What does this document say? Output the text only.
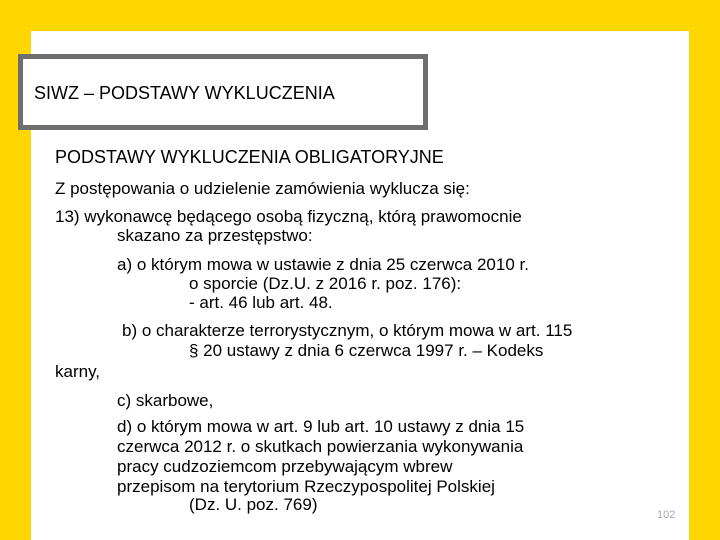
SIWZ – PODSTAWY WYKLUCZENIA
PODSTAWY WYKLUCZENIA OBLIGATORYJNE
Z postępowania o udzielenie zamówienia wyklucza się:
13) wykonawcę będącego osobą fizyczną, którą prawomocnie
skazano za przestępstwo:
a) o którym mowa w ustawie z dnia 25 czerwca 2010 r.
o sporcie (Dz.U. z 2016 r. poz. 176):
- art. 46 lub art. 48.
b) o charakterze terrorystycznym, o którym mowa w art. 115
§ 20 ustawy z dnia 6 czerwca 1997 r. – Kodeks
karny,
c) skarbowe,
d) o którym mowa w art. 9 lub art. 10 ustawy z dnia 15
czerwca 2012 r. o skutkach powierzania wykonywania
pracy cudzoziemcom przebywającym wbrew
przepisom na terytorium Rzeczypospolitej Polskiej
(Dz. U. poz. 769)
102
